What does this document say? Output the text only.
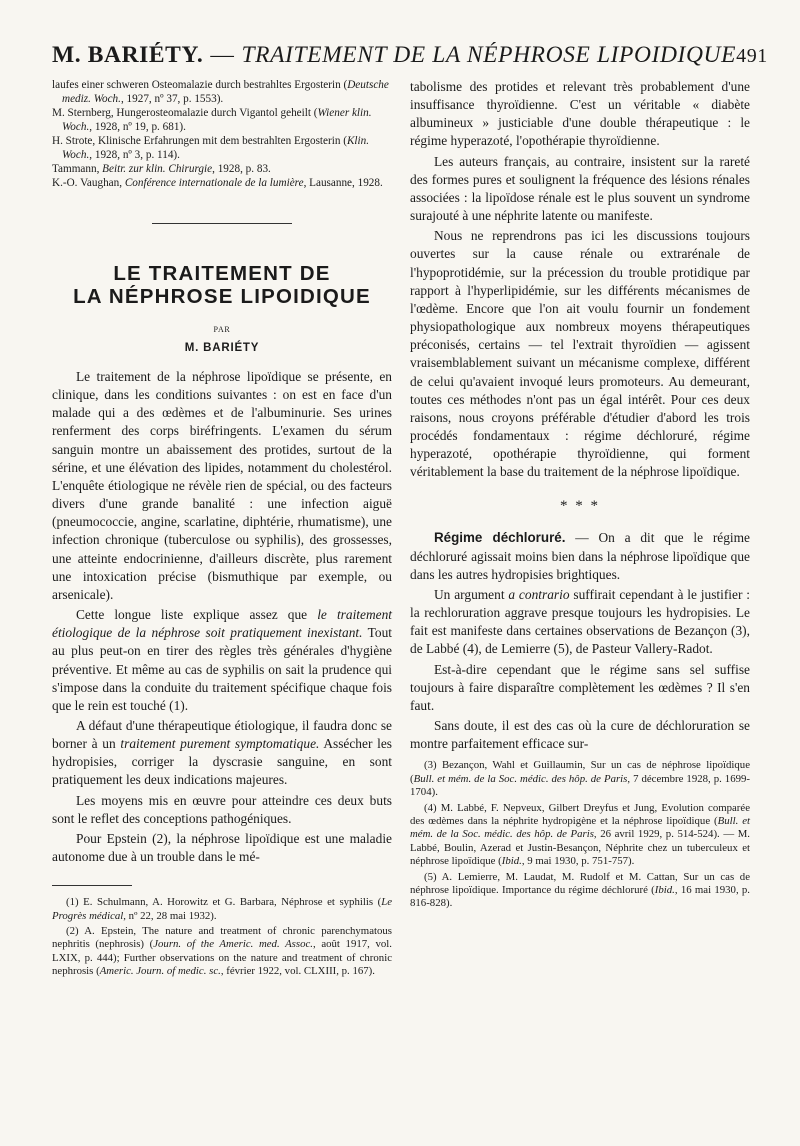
M. BARIÉTY. — TRAITEMENT DE LA NÉPHROSE LIPOIDIQUE 491

laufes einer schweren Osteomalazie durch bestrahltes Ergosterin (Deutsche mediz. Woch., 1927, nº 37, p. 1553).

M. Sternberg, Hungerosteomalazie durch Vigantol geheilt (Wiener klin. Woch., 1928, nº 19, p. 681).

H. Strote, Klinische Erfahrungen mit dem bestrahlten Ergosterin (Klin. Woch., 1928, nº 3, p. 114).

Tammann, Beitr. zur klin. Chirurgie, 1928, p. 83.

K.-O. Vaughan, Conférence internationale de la lumière, Lausanne, 1928.

LE TRAITEMENT DE
LA NÉPHROSE LIPOIDIQUE
PAR
M. BARIÉTY

Le traitement de la néphrose lipoïdique se présente, en clinique, dans les conditions suivantes : on est en face d'un malade qui a des œdèmes et de l'albuminurie. Ses urines renferment des corps biréfringents. L'examen du sérum sanguin montre un abaissement des protides, surtout de la sérine, et une élévation des lipides, notamment du cholestérol. L'enquête étiologique ne révèle rien de spécial, ou des facteurs divers d'une grande banalité : une infection aiguë (pneumococcie, angine, scarlatine, diphtérie, rhumatisme), une infection chronique (tuberculose ou syphilis), des grossesses, une atteinte endocrinienne, d'ailleurs discrète, plus rarement une intoxication précise (bismuthique par exemple, ou arsenicale).

Cette longue liste explique assez que le traitement étiologique de la néphrose soit pratiquement inexistant. Tout au plus peut-on en tirer des règles très générales d'hygiène préventive. Et même au cas de syphilis on sait la prudence qui s'impose dans la conduite du traitement spécifique chaque fois que le rein est touché (1).

A défaut d'une thérapeutique étiologique, il faudra donc se borner à un traitement purement symptomatique. Assécher les hydropisies, corriger la dyscrasie sanguine, en sont pratiquement les deux indications majeures.

Les moyens mis en œuvre pour atteindre ces deux buts sont le reflet des conceptions pathogéniques.

Pour Epstein (2), la néphrose lipoïdique est une maladie autonome due à un trouble dans le mé-

(1) E. Schulmann, A. Horowitz et G. Barbara, Néphrose et syphilis (Le Progrès médical, nº 22, 28 mai 1932).

(2) A. Epstein, The nature and treatment of chronic parenchymatous nephritis (nephrosis) (Journ. of the Americ. med. Assoc., août 1917, vol. LXIX, p. 444); Further observations on the nature and treatment of chronic nephrosis (Americ. Journ. of medic. sc., février 1922, vol. CLXIII, p. 167).

tabolisme des protides et relevant très probablement d'une insuffisance thyroïdienne. C'est un véritable « diabète albumineux » justiciable d'une double thérapeutique : le régime hyperazoté, l'opothérapie thyroïdienne.

Les auteurs français, au contraire, insistent sur la rareté des formes pures et soulignent la fréquence des lésions rénales associées : la lipoïdose rénale est le plus souvent un syndrome surajouté à une néphrite latente ou manifeste.

Nous ne reprendrons pas ici les discussions toujours ouvertes sur la cause rénale ou extrarénale de l'hypoprotidémie, sur la précession du trouble protidique par rapport à l'hyperlipidémie, sur les différents mécanismes de l'œdème. Encore que l'on ait voulu fournir un fondement physiopathologique aux nombreux moyens thérapeutiques préconisés, certains — tel l'extrait thyroïdien — agissent vraisemblablement suivant un mécanisme complexe, différent de celui qu'avaient invoqué leurs promoteurs. Au demeurant, toutes ces méthodes n'ont pas un égal intérêt. Pour ces deux raisons, nous croyons préférable d'étudier d'abord les trois procédés fondamentaux : régime déchloruré, régime hyperazoté, opothérapie thyroïdienne, qui forment véritablement la base du traitement de la néphrose lipoïdique.

* * *

Régime déchloruré. — On a dit que le régime déchloruré agissait moins bien dans la néphrose lipoïdique que dans les autres hydropisies brightiques.

Un argument a contrario suffirait cependant à le justifier : la rechloruration aggrave presque toujours les hydropisies. Le fait est manifeste dans certaines observations de Bezançon (3), de Labbé (4), de Lemierre (5), de Pasteur Vallery-Radot.

Est-à-dire cependant que le régime sans sel suffise toujours à faire disparaître complètement les œdèmes ? Il s'en faut.

Sans doute, il est des cas où la cure de déchloruration se montre parfaitement efficace sur-

(3) Bezançon, Wahl et Guillaumin, Sur un cas de néphrose lipoïdique (Bull. et mém. de la Soc. médic. des hôp. de Paris, 7 décembre 1928, p. 1699-1704).

(4) M. Labbé, F. Nepveux, Gilbert Dreyfus et Jung, Evolution comparée des œdèmes dans la néphrite hydropigène et la néphrose lipoïdique (Bull. et mém. de la Soc. médic. des hôp. de Paris, 26 avril 1929, p. 514-524). — M. Labbé, Boulin, Azerad et Justin-Besançon, Néphrite chez un tuberculeux et néphrose lipoïdique (Ibid., 9 mai 1930, p. 751-757).

(5) A. Lemierre, M. Laudat, M. Rudolf et M. Cattan, Sur un cas de néphrose lipoïdique. Importance du régime déchloruré (Ibid., 16 mai 1930, p. 816-828).
